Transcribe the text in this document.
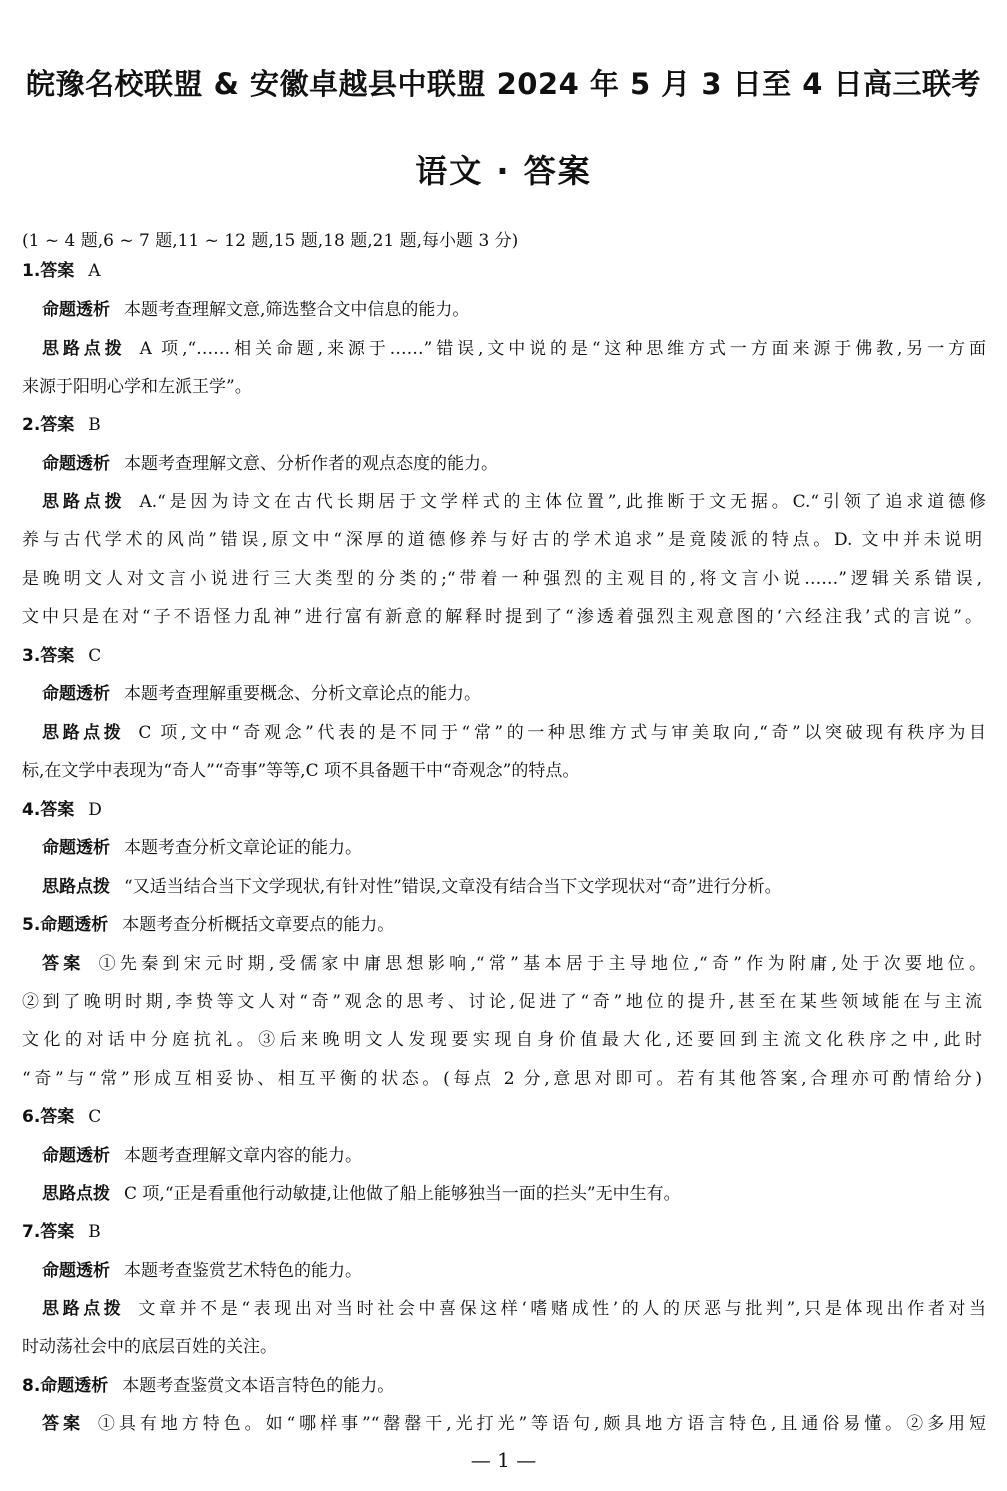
皖豫名校联盟 & 安徽卓越县中联盟 2024 年 5 月 3 日至 4 日高三联考
语文 · 答案
(1 ~ 4 题,6 ~ 7 题,11 ~ 12 题,15 题,18 题,21 题,每小题 3 分)
1.答案 A
命题透析 本题考查理解文意,筛选整合文中信息的能力。
思路点拨 A 项,“……相关命题,来源于……”错误,文中说的是“这种思维方式一方面来源于佛教,另一方面
来源于阳明心学和左派王学”。
2.答案 B
命题透析 本题考查理解文意、分析作者的观点态度的能力。
思路点拨 A.“是因为诗文在古代长期居于文学样式的主体位置”,此推断于文无据。C.“引领了追求道德修
养与古代学术的风尚”错误,原文中“深厚的道德修养与好古的学术追求”是竟陵派的特点。D. 文中并未说明
是晚明文人对文言小说进行三大类型的分类的;“带着一种强烈的主观目的,将文言小说……”逻辑关系错误,
文中只是在对“子不语怪力乱神”进行富有新意的解释时提到了“渗透着强烈主观意图的‘六经注我’式的言说”。
3.答案 C
命题透析 本题考查理解重要概念、分析文章论点的能力。
思路点拨 C 项,文中“奇观念”代表的是不同于“常”的一种思维方式与审美取向,“奇”以突破现有秩序为目
标,在文学中表现为“奇人”“奇事”等等,C 项不具备题干中“奇观念”的特点。
4.答案 D
命题透析 本题考查分析文章论证的能力。
思路点拨 “又适当结合当下文学现状,有针对性”错误,文章没有结合当下文学现状对“奇”进行分析。
5.命题透析 本题考查分析概括文章要点的能力。
答案 ①先秦到宋元时期,受儒家中庸思想影响,“常”基本居于主导地位,“奇”作为附庸,处于次要地位。
②到了晚明时期,李贽等文人对“奇”观念的思考、讨论,促进了“奇”地位的提升,甚至在某些领域能在与主流
文化的对话中分庭抗礼。③后来晚明文人发现要实现自身价值最大化,还要回到主流文化秩序之中,此时
“奇”与“常”形成互相妥协、相互平衡的状态。(每点 2 分,意思对即可。若有其他答案,合理亦可酌情给分)
6.答案 C
命题透析 本题考查理解文章内容的能力。
思路点拨 C 项,“正是看重他行动敏捷,让他做了船上能够独当一面的拦头”无中生有。
7.答案 B
命题透析 本题考查鉴赏艺术特色的能力。
思路点拨 文章并不是“表现出对当时社会中喜保这样‘嗜赌成性’的人的厌恶与批判”,只是体现出作者对当
时动荡社会中的底层百姓的关注。
8.命题透析 本题考查鉴赏文本语言特色的能力。
答案 ①具有地方特色。如“哪样事”“罄罄干,光打光”等语句,颇具地方语言特色,且通俗易懂。②多用短
— 1 —
